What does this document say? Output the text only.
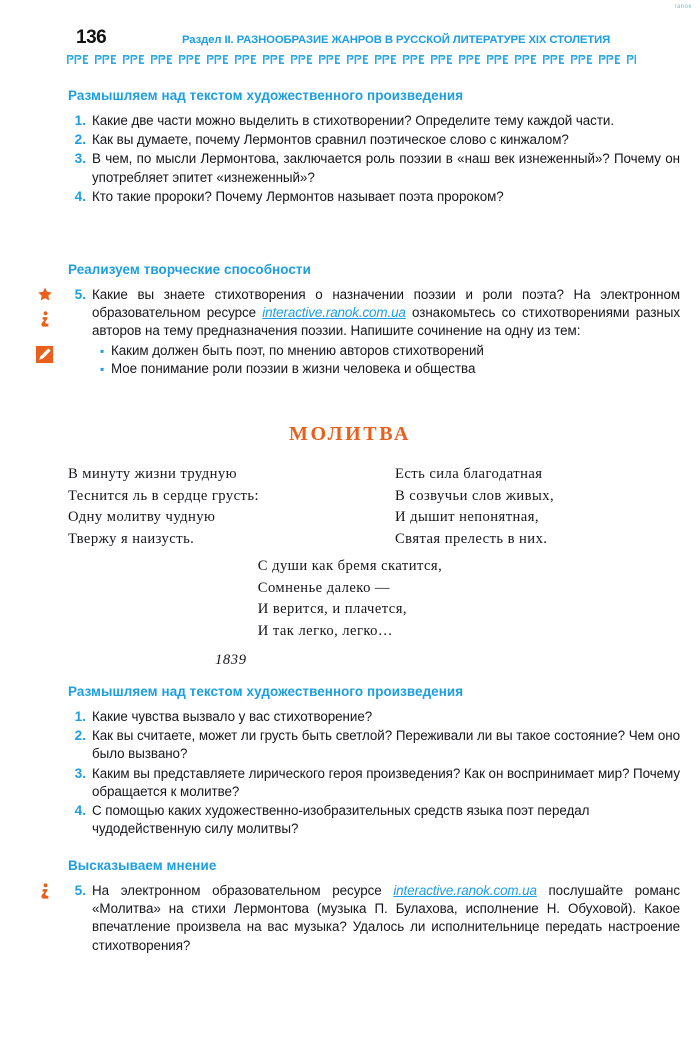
ranok
136	Раздел II. РАЗНООБРАЗИЕ ЖАНРОВ В РУССКОЙ ЛИТЕРАТУРЕ XIX СТОЛЕТИЯ
Размышляем над текстом художественного произведения
1. Какие две части можно выделить в стихотворении? Определите тему каждой части.
2. Как вы думаете, почему Лермонтов сравнил поэтическое слово с кинжалом?
3. В чем, по мысли Лермонтова, заключается роль поэзии в «наш век изнеженный»? Почему он употребляет эпитет «изнеженный»?
4. Кто такие пророки? Почему Лермонтов называет поэта пророком?
Реализуем творческие способности
5. Какие вы знаете стихотворения о назначении поэзии и роли поэта? На электронном образовательном ресурсе interactive.ranok.com.ua ознакомьтесь со стихотворениями разных авторов на тему предназначения поэзии. Напишите сочинение на одну из тем:
▪ Каким должен быть поэт, по мнению авторов стихотворений
▪ Мое понимание роли поэзии в жизни человека и общества
МОЛИТВА
В минуту жизни трудную
Теснится ль в сердце грусть:
Одну молитву чудную
Твержу я наизусть.
Есть сила благодатная
В созвучьи слов живых,
И дышит непонятная,
Святая прелесть в них.
С души как бремя скатится,
Сомненье далеко —
И верится, и плачется,
И так легко, легко…
1839
Размышляем над текстом художественного произведения
1. Какие чувства вызвало у вас стихотворение?
2. Как вы считаете, может ли грусть быть светлой? Переживали ли вы такое состояние? Чем оно было вызвано?
3. Каким вы представляете лирического героя произведения? Как он воспринимает мир? Почему обращается к молитве?
4. С помощью каких художественно-изобразительных средств языка поэт передал чудодейственную силу молитвы?
Высказываем мнение
5. На электронном образовательном ресурсе interactive.ranok.com.ua послушайте романс «Молитва» на стихи Лермонтова (музыка П. Булахова, исполнение Н. Обуховой). Какое впечатление произвела на вас музыка? Удалось ли исполнительнице передать настроение стихотворения?
